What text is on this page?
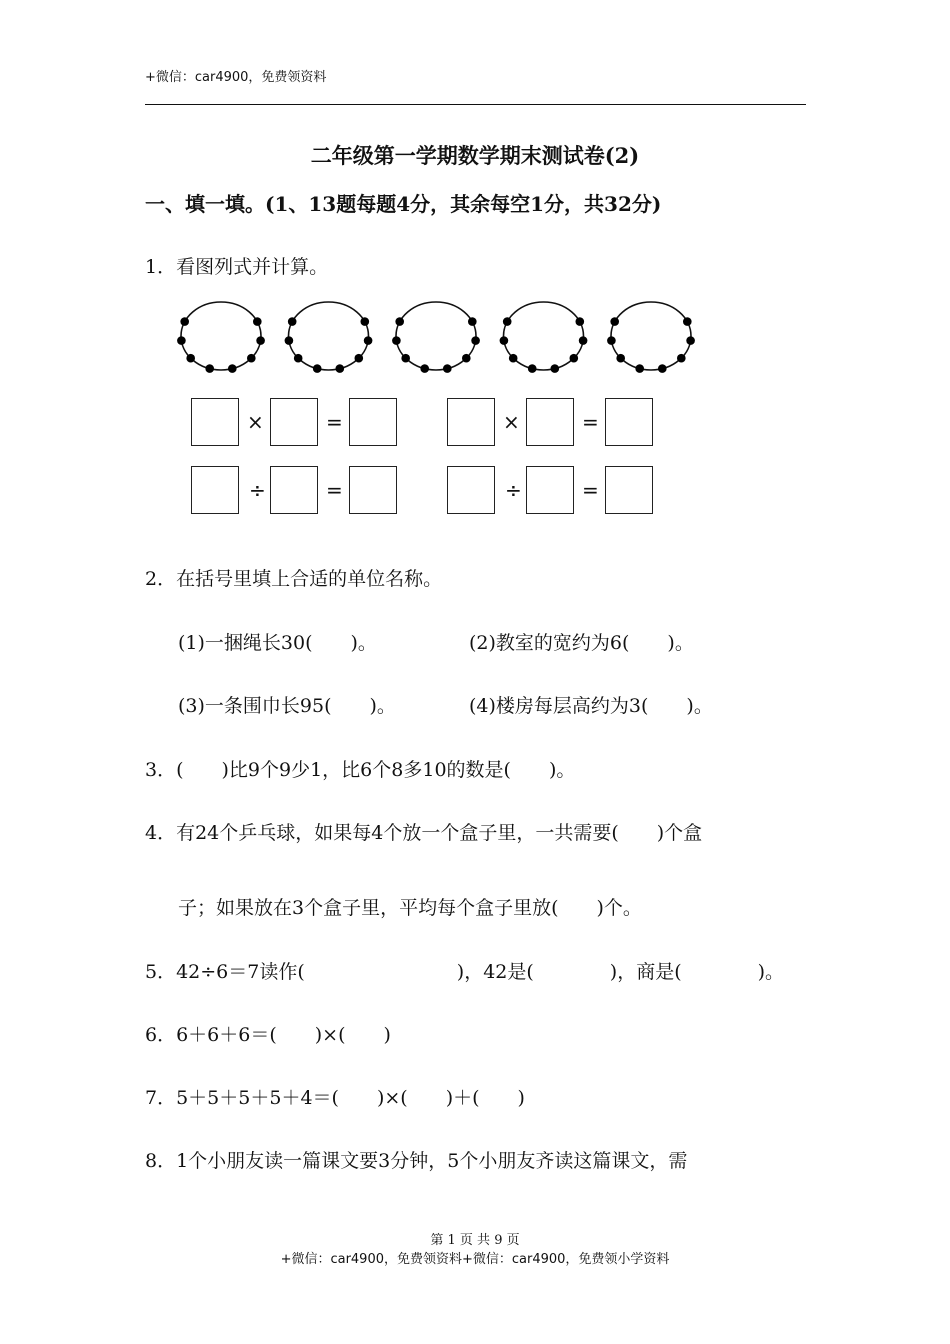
+微信：car4900，免费领资料
二年级第一学期数学期末测试卷(2)
一、填一填。(1、13题每题4分，其余每空1分，共32分)
1．看图列式并计算。
×	=	×	=
÷	=	÷	=
2．在括号里填上合适的单位名称。
(1)一捆绳长30(　　)。	(2)教室的宽约为6(　　)。
(3)一条围巾长95(　　)。	(4)楼房每层高约为3(　　)。
3．(　　)比9个9少1，比6个8多10的数是(　　)。
4．有24个乒乓球，如果每4个放一个盒子里，一共需要(　　)个盒
子；如果放在3个盒子里，平均每个盒子里放(　　)个。
5．42÷6＝7读作(　　　　　　　　)，42是(　　　　)，商是(　　　　)。
6．6＋6＋6＝(　　)×(　　)
7．5＋5＋5＋5＋4＝(　　)×(　　)＋(　　)
8．1个小朋友读一篇课文要3分钟，5个小朋友齐读这篇课文，需
第 1 页 共 9 页
+微信：car4900，免费领资料+微信：car4900，免费领小学资料
